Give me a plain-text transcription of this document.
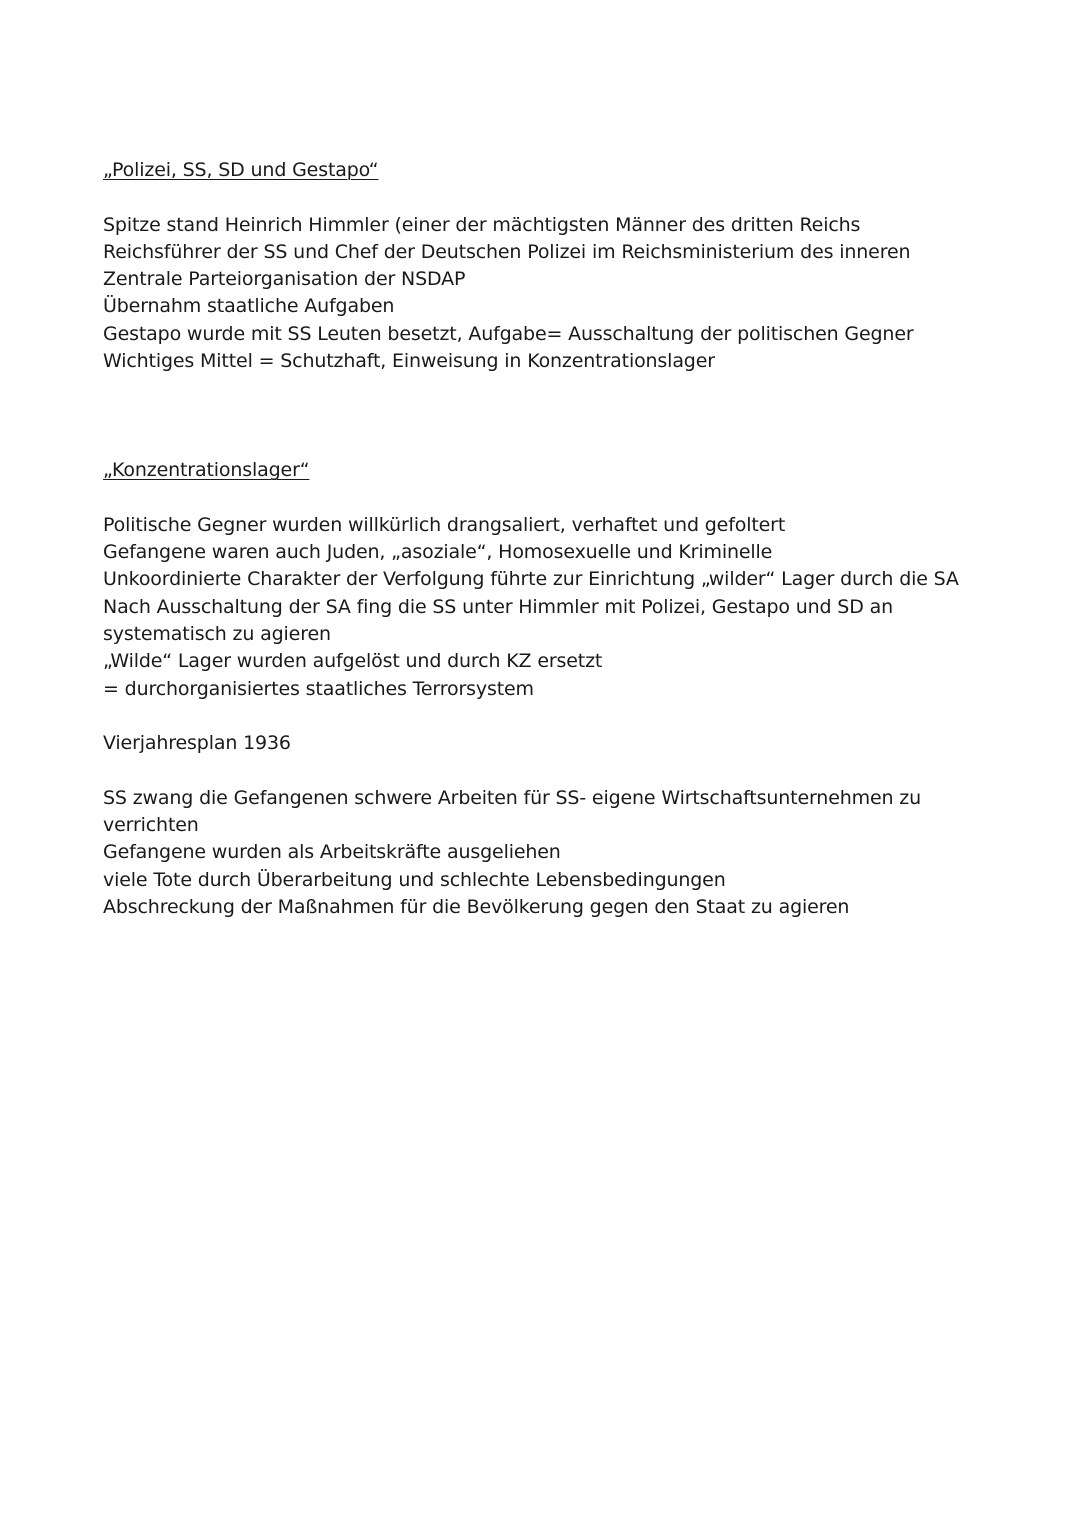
„Polizei, SS, SD und Gestapo“
Spitze stand Heinrich Himmler (einer der mächtigsten Männer des dritten Reichs
Reichsführer der SS und Chef der Deutschen Polizei im Reichsministerium des inneren
Zentrale Parteiorganisation der NSDAP
Übernahm staatliche Aufgaben
Gestapo wurde mit SS Leuten besetzt, Aufgabe= Ausschaltung der politischen Gegner
Wichtiges Mittel = Schutzhaft, Einweisung in Konzentrationslager
„Konzentrationslager“
Politische Gegner wurden willkürlich drangsaliert, verhaftet und gefoltert
Gefangene waren auch Juden, „asoziale“, Homosexuelle und Kriminelle
Unkoordinierte Charakter der Verfolgung führte zur Einrichtung „wilder“ Lager durch die SA
Nach Ausschaltung der SA fing die SS unter Himmler mit Polizei, Gestapo und SD an
systematisch zu agieren
„Wilde“ Lager wurden aufgelöst und durch KZ ersetzt
= durchorganisiertes staatliches Terrorsystem
Vierjahresplan 1936
SS zwang die Gefangenen schwere Arbeiten für SS- eigene Wirtschaftsunternehmen zu
verrichten
Gefangene wurden als Arbeitskräfte ausgeliehen
viele Tote durch Überarbeitung und schlechte Lebensbedingungen
Abschreckung der Maßnahmen für die Bevölkerung gegen den Staat zu agieren
